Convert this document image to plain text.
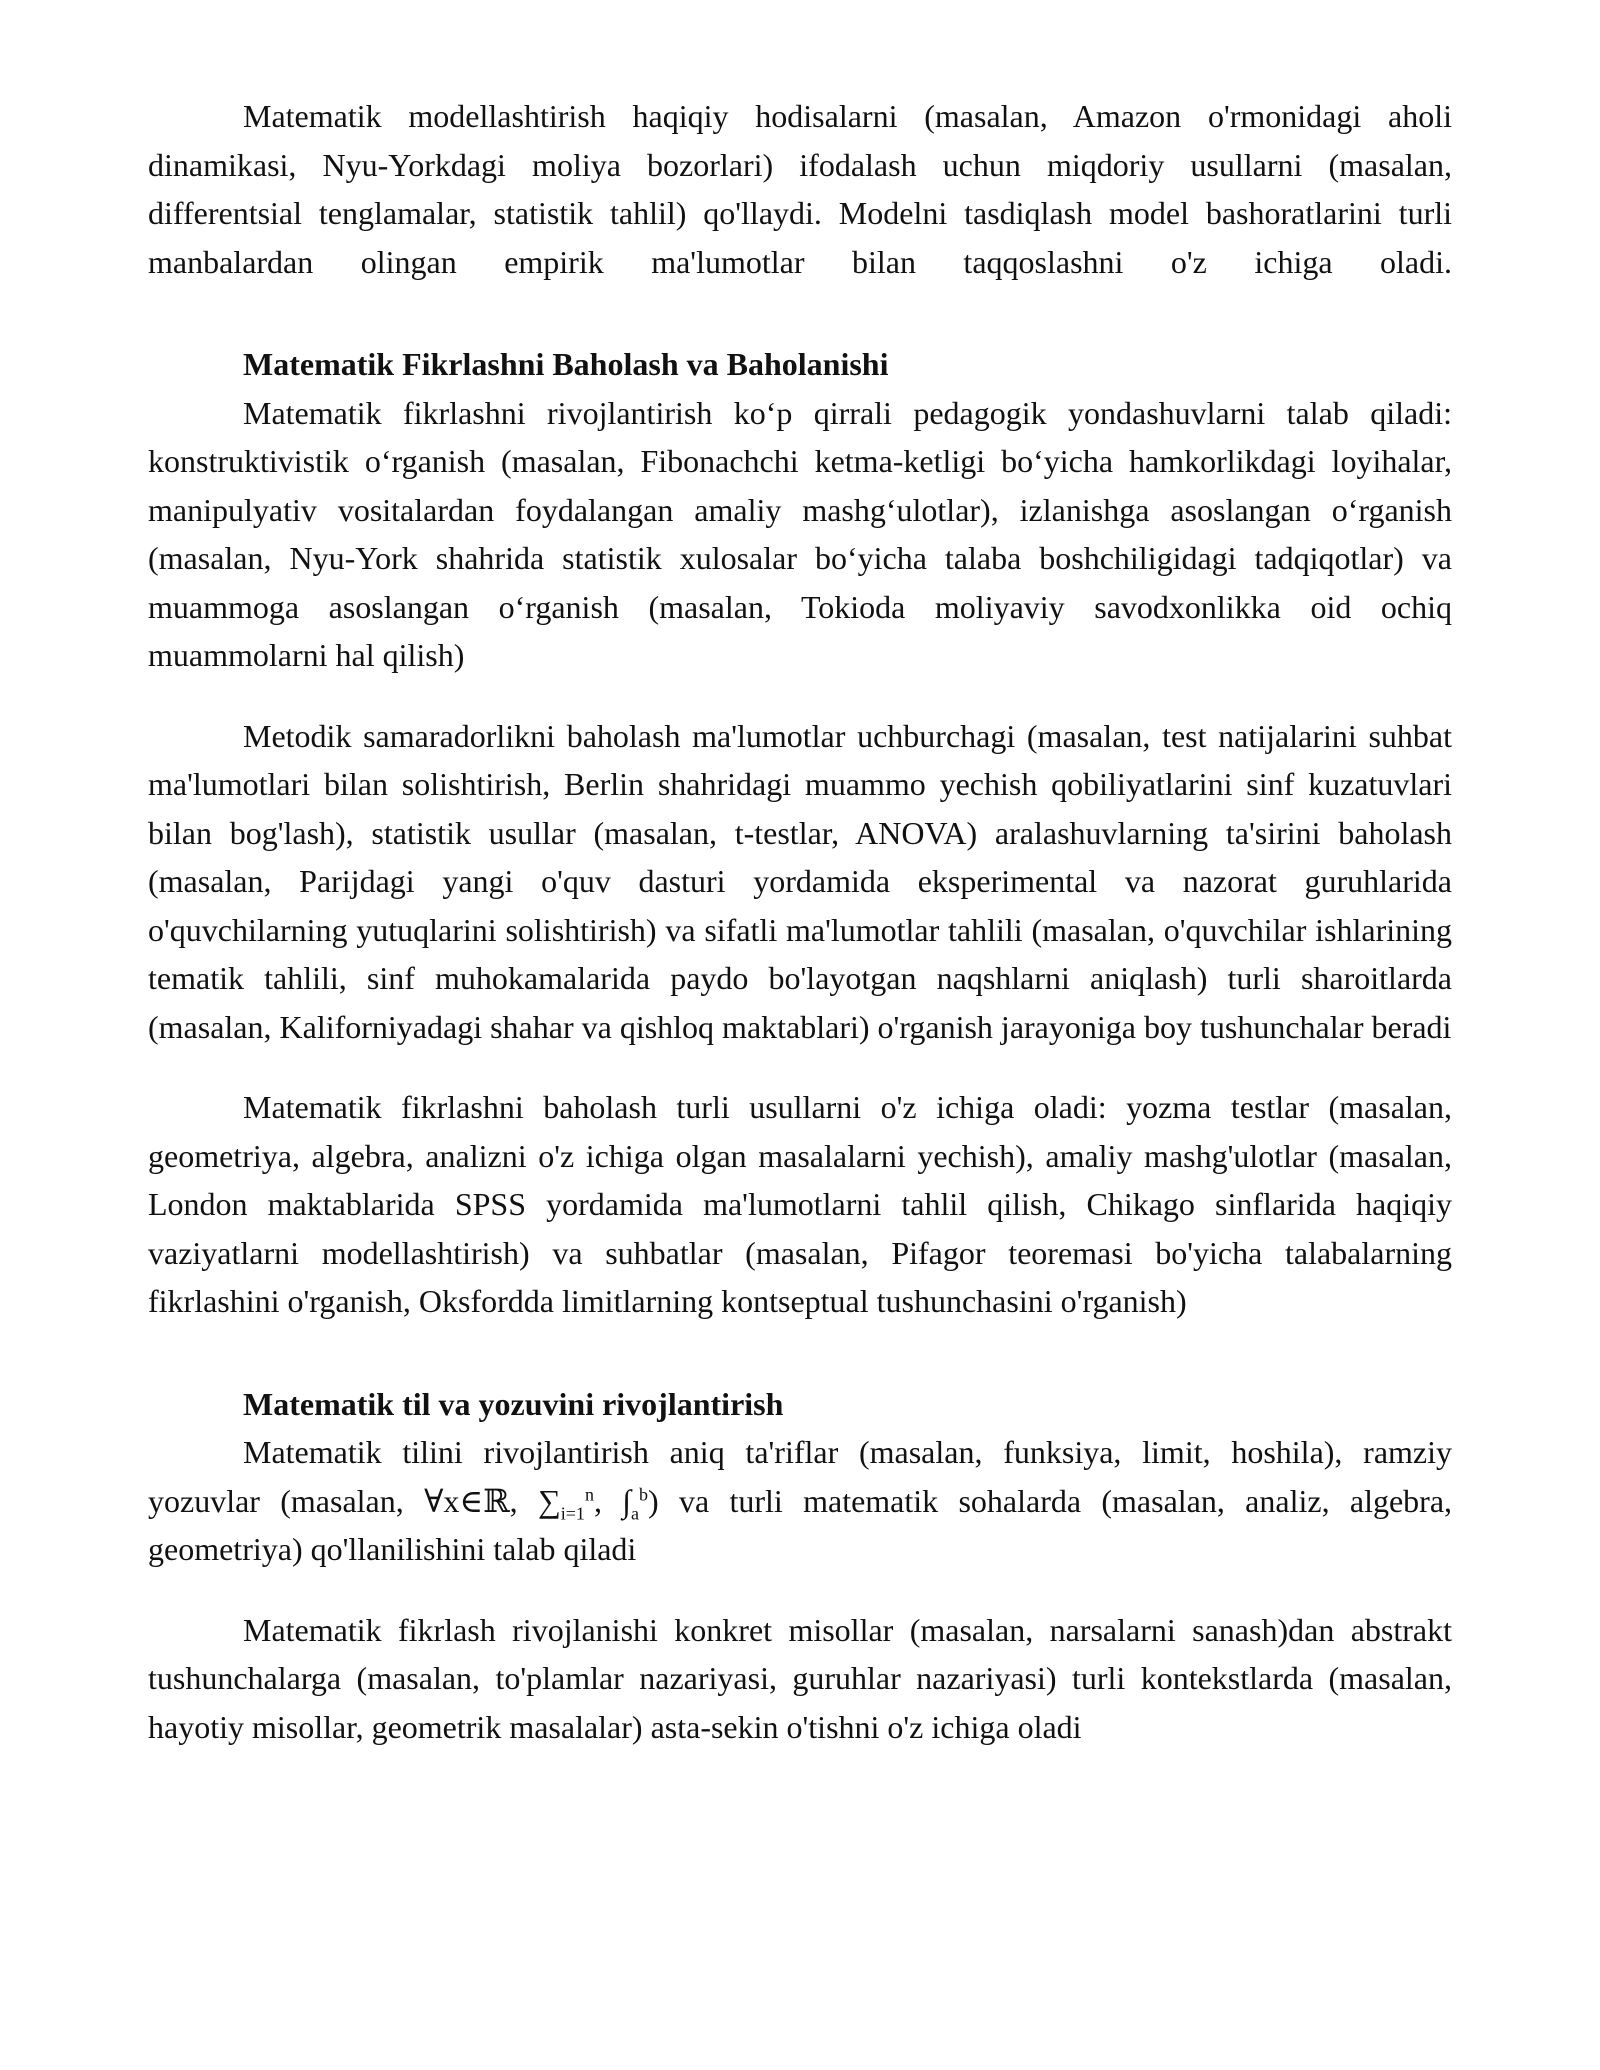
Matematik modellashtirish haqiqiy hodisalarni (masalan, Amazon o'rmonidagi aholi dinamikasi, Nyu-Yorkdagi moliya bozorlari) ifodalash uchun miqdoriy usullarni (masalan, differentsial tenglamalar, statistik tahlil) qo'llaydi. Modelni tasdiqlash model bashoratlarini turli manbalardan olingan empirik ma'lumotlar bilan taqqoslashni o'z ichiga oladi.

Matematik Fikrlashni Baholash va Baholanishi

Matematik fikrlashni rivojlantirish ko‘p qirrali pedagogik yondashuvlarni talab qiladi: konstruktivistik o‘rganish (masalan, Fibonachchi ketma-ketligi bo‘yicha hamkorlikdagi loyihalar, manipulyativ vositalardan foydalangan amaliy mashg‘ulotlar), izlanishga asoslangan o‘rganish (masalan, Nyu-York shahrida statistik xulosalar bo‘yicha talaba boshchiligidagi tadqiqotlar) va muammoga asoslangan o‘rganish (masalan, Tokioda moliyaviy savodxonlikka oid ochiq muammolarni hal qilish)

Metodik samaradorlikni baholash ma'lumotlar uchburchagi (masalan, test natijalarini suhbat ma'lumotlari bilan solishtirish, Berlin shahridagi muammo yechish qobiliyatlarini sinf kuzatuvlari bilan bog'lash), statistik usullar (masalan, t-testlar, ANOVA) aralashuvlarning ta'sirini baholash (masalan, Parijdagi yangi o'quv dasturi yordamida eksperimental va nazorat guruhlarida o'quvchilarning yutuqlarini solishtirish) va sifatli ma'lumotlar tahlili (masalan, o'quvchilar ishlarining tematik tahlili, sinf muhokamalarida paydo bo'layotgan naqshlarni aniqlash) turli sharoitlarda (masalan, Kaliforniyadagi shahar va qishloq maktablari) o'rganish jarayoniga boy tushunchalar beradi

Matematik fikrlashni baholash turli usullarni o'z ichiga oladi: yozma testlar (masalan, geometriya, algebra, analizni o'z ichiga olgan masalalarni yechish), amaliy mashg'ulotlar (masalan, London maktablarida SPSS yordamida ma'lumotlarni tahlil qilish, Chikago sinflarida haqiqiy vaziyatlarni modellashtirish) va suhbatlar (masalan, Pifagor teoremasi bo'yicha talabalarning fikrlashini o'rganish, Oksfordda limitlarning kontseptual tushunchasini o'rganish)

Matematik til va yozuvini rivojlantirish

Matematik tilini rivojlantirish aniq ta'riflar (masalan, funksiya, limit, hoshila), ramziy yozuvlar (masalan, ∀x∈ℝ, $\sum_{i=1}^n$, $\int_a^b$) va turli matematik sohalarda (masalan, analiz, algebra, geometriya) qo'llanilishini talab qiladi

Matematik fikrlash rivojlanishi konkret misollar (masalan, narsalarni sanash)dan abstrakt tushunchalarga (masalan, to'plamlar nazariyasi, guruhlar nazariyasi) turli kontekstlarda (masalan, hayotiy misollar, geometrik masalalar) asta-sekin o'tishni o'z ichiga oladi
